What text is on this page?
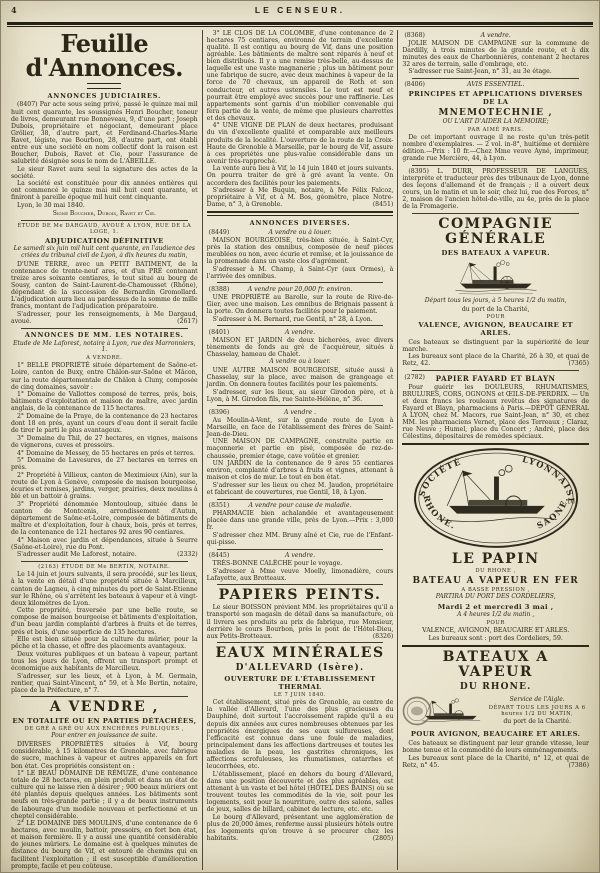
4	LE CENSEUR.
Feuille d'Annonces.
ANNONCES JUDICIAIRES.
(8407) Par acte sous seing privé, passé le quinze mai mil huit cent quarante, les soussignés Henri Boucher, teneur de livres, demeurant rue Bonneveau, 9, d'une part ; Joseph Dubois, propriétaire et négociant, demeurant place Grôlier, 38, d'autre part, et Ferdinand-Charles-Marie Ravet, légiste, rue Bourbon, 28, d'autre part, ont établi entre eux une société en nom collectif dont la raison est Boucher, Dubois, Ravet et Cie, pour l'assurance de salubrité désignée sous le nom de L'ABEILLE.
Le sieur Ravet aura seul la signature des actes de la société.
La société est constituée pour dix années entières qui ont commencé le quinze mai mil huit cent quarante, et finiront à pareille époque mil huit cent cinquante.
Lyon, le 30 mai 1840.
Signé Boucher, Dubois, Ravet et Cie.
ÉTUDE DE Me DARGAUD, AVOUÉ A LYON, RUE DE LA LOGE, 1.
ADJUDICATION DÉFINITIVE
Le samedi six juin mil huit cent quarante, en l'audience des criées du tribunal civil de Lyon, à dix heures du matin,
D'UNE TERRE, avec un PETIT BATIMENT, de la contenance de trente-neuf ares, et d'un PRÉ contenant treize ares soixante centiares, le tout situé au bourg de Sousy, canton de Saint-Laurent-de-Chamousset (Rhône), dépendant de la succession de Bernardin Gromollard. L'adjudication aura lieu au pardessus de la somme de mille francs, montant de l'adjudication préparatoire.
S'adresser, pour les renseignements, à Me Dargaud, avoué.	(2617)
ANNONCES DE MM. LES NOTAIRES.
Etude de Me Laforest, notaire à Lyon, rue des Marronniers, 1.
A VENDRE.
1° BELLE PROPRIÉTÉ située département de Saône-et-Loire, canton de Buxy, entre Châlon-sur-Saône et Mâcon, sur la route départementale de Châlon à Cluny, composée de cinq domaines, savoir :
1° Domaine de Vallottes composé de terres, prés, bois, bâtiments d'exploitation et maison de maître, avec jardin anglais, de la contenance de 115 hectares.
2° Domaine de la Praye, de la contenance de 23 hectares dont 18 en prés, ayant un cours d'eau dont il serait facile de tirer le parti le plus avantageux.
3° Domaine du Thil, de 27 hectares, en vignes, maisons de vignerons, cuves et pressoirs.
4° Domaine de Messey, de 55 hectares en prés et terres.
5° Domaine de Lavesures, de 27 hectares en terres en prés.
2° Propriété à Villieux, canton de Meximieux (Ain), sur la route de Lyon à Genève, composée de maison bourgeoise, écuries et remises, jardins, verger, prairies, deux moulins à blé et un battoir à grains.
3° Propriété dénommée Montouloup, située dans le canton de Montcenis, arrondissement d'Autun, département de Saône-et-Loire, composée de bâtiments de maître et d'exploitation, four à chaux, bois, prés et terres, de la contenance de 121 hectares 92 ares 90 centiares.
4° Maison avec jardin et dépendances, située à Seurre (Saône-et-Loire), rue du Pont.
S'adresser audit Me Laforest, notaire.	(2332)
(2163) ÉTUDE DE Me BERTIN, NOTAIRE.
Le 14 juin et jours suivants, il sera procédé, sur les lieux, à la vente en détail d'une propriété située à Marcilleux, canton de Lagneu, à cinq minutes du port de Saint-Etienne sur le Rhône, où s'arrêtent les bateaux à vapeur et à vingt-deux kilomètres de Lyon.
Cette propriété, traversée par une belle route, se compose de maison bourgeoise et bâtiments d'exploitation, d'un beau jardin complanté d'arbres à fruits et de terres, prés et bois, d'une superficie de 135 hectares.
Elle est bien située pour la culture du mûrier, pour la pêche et la chasse, et offre des placements avantageux.
Deux voitures publiques et un bateau à vapeur, partant tous les jours de Lyon, offrent un transport prompt et économique aux habitants de Marcilleux.
S'adresser, sur les lieux, et à Lyon, à M. Germain, rentier, quai Saint-Vincent, n° 59, et à Me Bertin, notaire, place de la Préfecture, n° 7.
A VENDRE ,
EN TOTALITÉ OU EN PARTIES DÉTACHÉES,
DE GRÉ A GRÉ OU AUX ENCHÈRES PUBLIQUES ,
Pour entrer en jouissance de suite.
DIVERSES PROPRIÉTÉS situées à Vif, bourg considérable, à 15 kilomètres de Grenoble, avec fabrique de sucre, machines à vapeur et autres appareils en fort bon état. Ces propriétés consistent en :
1° LE BEAU DOMAINE DE RÉMUZE, d'une contenance totale de 28 hectares, en plein produit et dans un état de culture qui ne laisse rien à désirer ; 900 beaux mûriers ont été plantés depuis quelques années. Les bâtiments sont neufs en très-grande partie ; il y a de beaux instruments de labourage d'un modèle nouveau et perfectionné et un cheptel considérable.
2° LE DOMAINE DES MOULINS, d'une contenance de 6 hectares, avec moulin, battoir, pressoirs, en fort bon état, et maison fermière. Il y a aussi une quantité considérable de jeunes mûriers. Le domaine est à quelques minutes de distance du bourg de Vif, et entouré de chemins qui en facilitent l'exploitation ; il est susceptible d'amélioration prompte, facile et peu coûteuse.
3° LE CLOS DE LA COLOMBE, d'une contenance de 2 hectares 75 centiares, environné de terrain d'excellente qualité. Il est contigu au bourg de Vif, dans une position agréable. Les bâtiments de maître sont réparés à neuf et bien distribués. Il y a une remise très-belle, au-dessus de laquelle est une vaste magnanerie ; plus un bâtiment pour une fabrique de sucre, avec deux machines à vapeur de la force de 70 chevaux, un appareil de Roth et son conducteur, et autres ustensiles. Le tout est neuf et pourrait être employé avec succès pour une raffinerie. Les appartements sont garnis d'un mobilier convenable qui fera partie de la vente, de même que plusieurs charrettes et des chevaux.
4° UNE VIGNE DE PLAN de deux hectares, produisant du vin d'excellente qualité et comparable aux meilleurs produits de la localité. L'ouverture de la route de la Croix-Haute de Grenoble à Marseille, par le bourg de Vif, assure à ces propriétés une plus-value considérable dans un avenir très-rapproché.
La vente aura lieu à Vif, le 14 juin 1840 et jours suivants. On pourra traiter de gré à gré avant la vente. On accordera des facilités pour les paiements.
S'adresser à Me Buquin, notaire, à Me Félix Falcoz, propriétaire à Vif, et à M. Bos, géomètre, place Notre-Dame, n° 3, à Grenoble.	(8451)
ANNONCES DIVERSES.
(8449)	A vendre ou à louer.
MAISON BOURGEOISE, très-bien située, à Saint-Cyr, près la station des omnibus, composée de neuf pièces meublées ou non, avec écurie et remise, et la jouissance de la promenade dans un vaste clos d'agrément.
S'adresser à M. Champ, à Saint-Cyr (aux Ormes), à l'arrivée des omnibus.
(8388)	A vendre pour 20,000 fr. environ.
UNE PROPRIÉTÉ au Barolle, sur la route de Rive-de-Gier, avec une maison. Les omnibus de Brignais passent à la porte. On donnera toutes facilités pour le paiement.
S'adresser à M. Bernard, rue Gentil, n° 28, à Lyon.
(8401)	A vendre.
MAISON ET JARDIN de deux bicherées, avec divers tènements de fonds au gré de l'acquéreur, situés à Chasselay, hameau de Chalet.
A vendre ou à louer.
UNE AUTRE MAISON BOURGEOISE, située aussi à Chasselay, sur la place, avec maison de grangeage et jardin. On donnera toutes facilités pour les paiements.
S'adresser, sur les lieux, au sieur Girodon père, et à Lyon, à M. Girodon fils, rue Sainte-Hélène, n° 36.
(8396)	A vendre .
Au Moulin-à-Vent, sur la grande route de Lyon à Marseille, en face de l'établissement des frères de Saint-Jean-de-Dieu.
UNE MAISON DE CAMPAGNE, construite partie en maçonnerie et partie en pisé, composée de rez-de-chaussée, premier étage, cave voûtée et grenier.
UN JARDIN de la contenance de 9 ares 55 centiares environ, complanté d'arbres à fruits et vignes, attenant à maison et clos de mur. Le tout en bon état.
S'adresser sur les lieux ou chez M. Jaudon, propriétaire et fabricant de couvertures, rue Gentil, 18, à Lyon.
(8351)	A vendre pour cause de maladie.
PHARMACIE bien achalandée et avantageusement placée dans une grande ville, près de Lyon.—Prix : 3,000 fr.
S'adresser chez MM. Bruny aîné et Cie, rue de l'Enfant-qui-pisse.
(8445)	A vendre.
TRÈS-BONNE CALÈCHE pour le voyage.
S'adresser à Mme veuve Moelly, limonadière, cours Lafayette, aux Brotteaux.
PAPIERS PEINTS.
Le sieur BOISSON prévient MM. les propriétaires qu'il a transporté son magasin de détail dans sa manufacture, où il livrera ses produits au prix de fabrique, rue Monsieur, derrière le cours Bourbon, près le pont de l'Hôtel-Dieu, aux Petits-Brotteaux.	(8326)
EAUX MINÉRALES
D'ALLEVARD (Isère).
OUVERTURE DE L'ÉTABLISSEMENT THERMAL
LE 7 JUIN 1840.
Cet établissement, situé près de Grenoble, au centre de la vallée d'Allevard, l'une des plus gracieuses du Dauphiné, doit surtout l'accroissement rapide qu'il a eu depuis dix années aux cures nombreuses obtenues par les propriétés énergiques de ses eaux sulfureuses, dont l'efficacité est connue dans une foule de maladies, principalement dans les affections dartreuses et toutes les maladies de la peau, les gastrites chroniques, les affections scrofuleuses, les rhumatismes, catarrhes et leucorrhées, etc.
L'établissement, placé en dehors du bourg d'Allevard, dans une position découverte et des plus agréables, est attenant à un vaste et bel hôtel (HÔTEL DES BAINS) où se trouvent toutes les commodités de la vie, soit pour les logements, soit pour la nourriture, outre des salons, salles de jeux, salles de billard, cabinet de lecture, etc. etc.
Le bourg d'Allevard, présentant une agglomération de plus de 20,000 âmes, renferme aussi plusieurs hôtels outre les logements qu'on trouve à se procurer chez les habitants.	(2805)
(8368)	A vendre.
JOLIE MAISON DE CAMPAGNE sur la commune de Dardilly, à trois minutes de la grande route, et à dix minutes des eaux de Charbonnières, contenant 2 hectares 32 ares de terrain, salle d'ombrage, etc.
S'adresser rue Saint-Jean, n° 31, au 3e étage.
(8406)	AVIS ESSENTIEL.
PRINCIPES ET APPLICATIONS DIVERSES DE LA
MNEMOTECHNIE ,
OU L'ART D'AIDER LA MÉMOIRE;
PAR AIMÉ PARIS.
De cet important ouvrage il ne reste qu'un très-petit nombre d'exemplaires. — 2 vol. in-8°, huitième et dernière édition.—Prix : 10 fr.—Chez Mme veuve Ayné, imprimeur, grande rue Mercière, 44, à Lyon.
(8395) L. DURR, PROFESSEUR DE LANGUES, interprète et traducteur près des tribunaux de Lyon, donne des leçons d'allemand et de français ; il a ouvert deux cours, un le matin et un le soir, chez lui, rue des Forces, n° 2, maison de l'ancien hôtel-de-ville, au 4e, près de la place de la Fromagerie.
COMPAGNIE GÉNÉRALE
DES BATEAUX A VAPEUR.
Départ tous les jours, à 5 heures 1/2 du matin,
du port de la Charité,
POUR
VALENCE, AVIGNON, BEAUCAIRE ET ARLES.
Ces bateaux se distinguent par la supériorité de leur marche.
Les bureaux sont place de la Charité, 26 à 30, et quai de Retz, 42.	(7365)
(2782) PAPIER FAYARD ET BLAYN
Pour guérir les DOULEURS, RHUMATISMES, BRULURES, CORS, OGNONS et ŒILS-DE-PERDRIX. — Un et deux francs les rouleaux revêtus des signatures de Fayard et Blayn, pharmaciens à Paris.—DÉPÔT GÉNÉRAL A LYON, chez M. Macors, rue Saint-Jean, n° 30, et chez MM. les pharmaciens Vernet, place des Terreaux ; Claraz, rue Neuve ; Humel, place du Concert ; André, place des Célestins, dépositaires de remèdes spéciaux.
SOCIÉTÉ	LYONNAISE
RHONE.	SAONE.
LE PAPIN
DU RHONE ,
BATEAU A VAPEUR EN FER
A BASSE PRESSION ,
PARTIRA DU PORT DES CORDELIERS,
Mardi 2 et mercredi 3 mai ,
A 4 heures 1/2 du matin ,
POUR
VALENCE, AVIGNON, BEAUCAIRE ET ARLES.
Les bureaux sont : port des Cordeliers, 59.
BATEAUX A VAPEUR
DU RHONE.
Service de l'Aigle.
DÉPART TOUS LES JOURS A 6 heures 1/2 DU MATIN,
du port de la Charité.
POUR AVIGNON, BEAUCAIRE ET ARLES.
Ces bateaux se distinguent par leur grande vitesse, leur bonne tenue et la commodité de leurs emménagements.
Les bureaux sont place de la Charité, n° 12, et quai de Retz, n° 45.	(7386)
